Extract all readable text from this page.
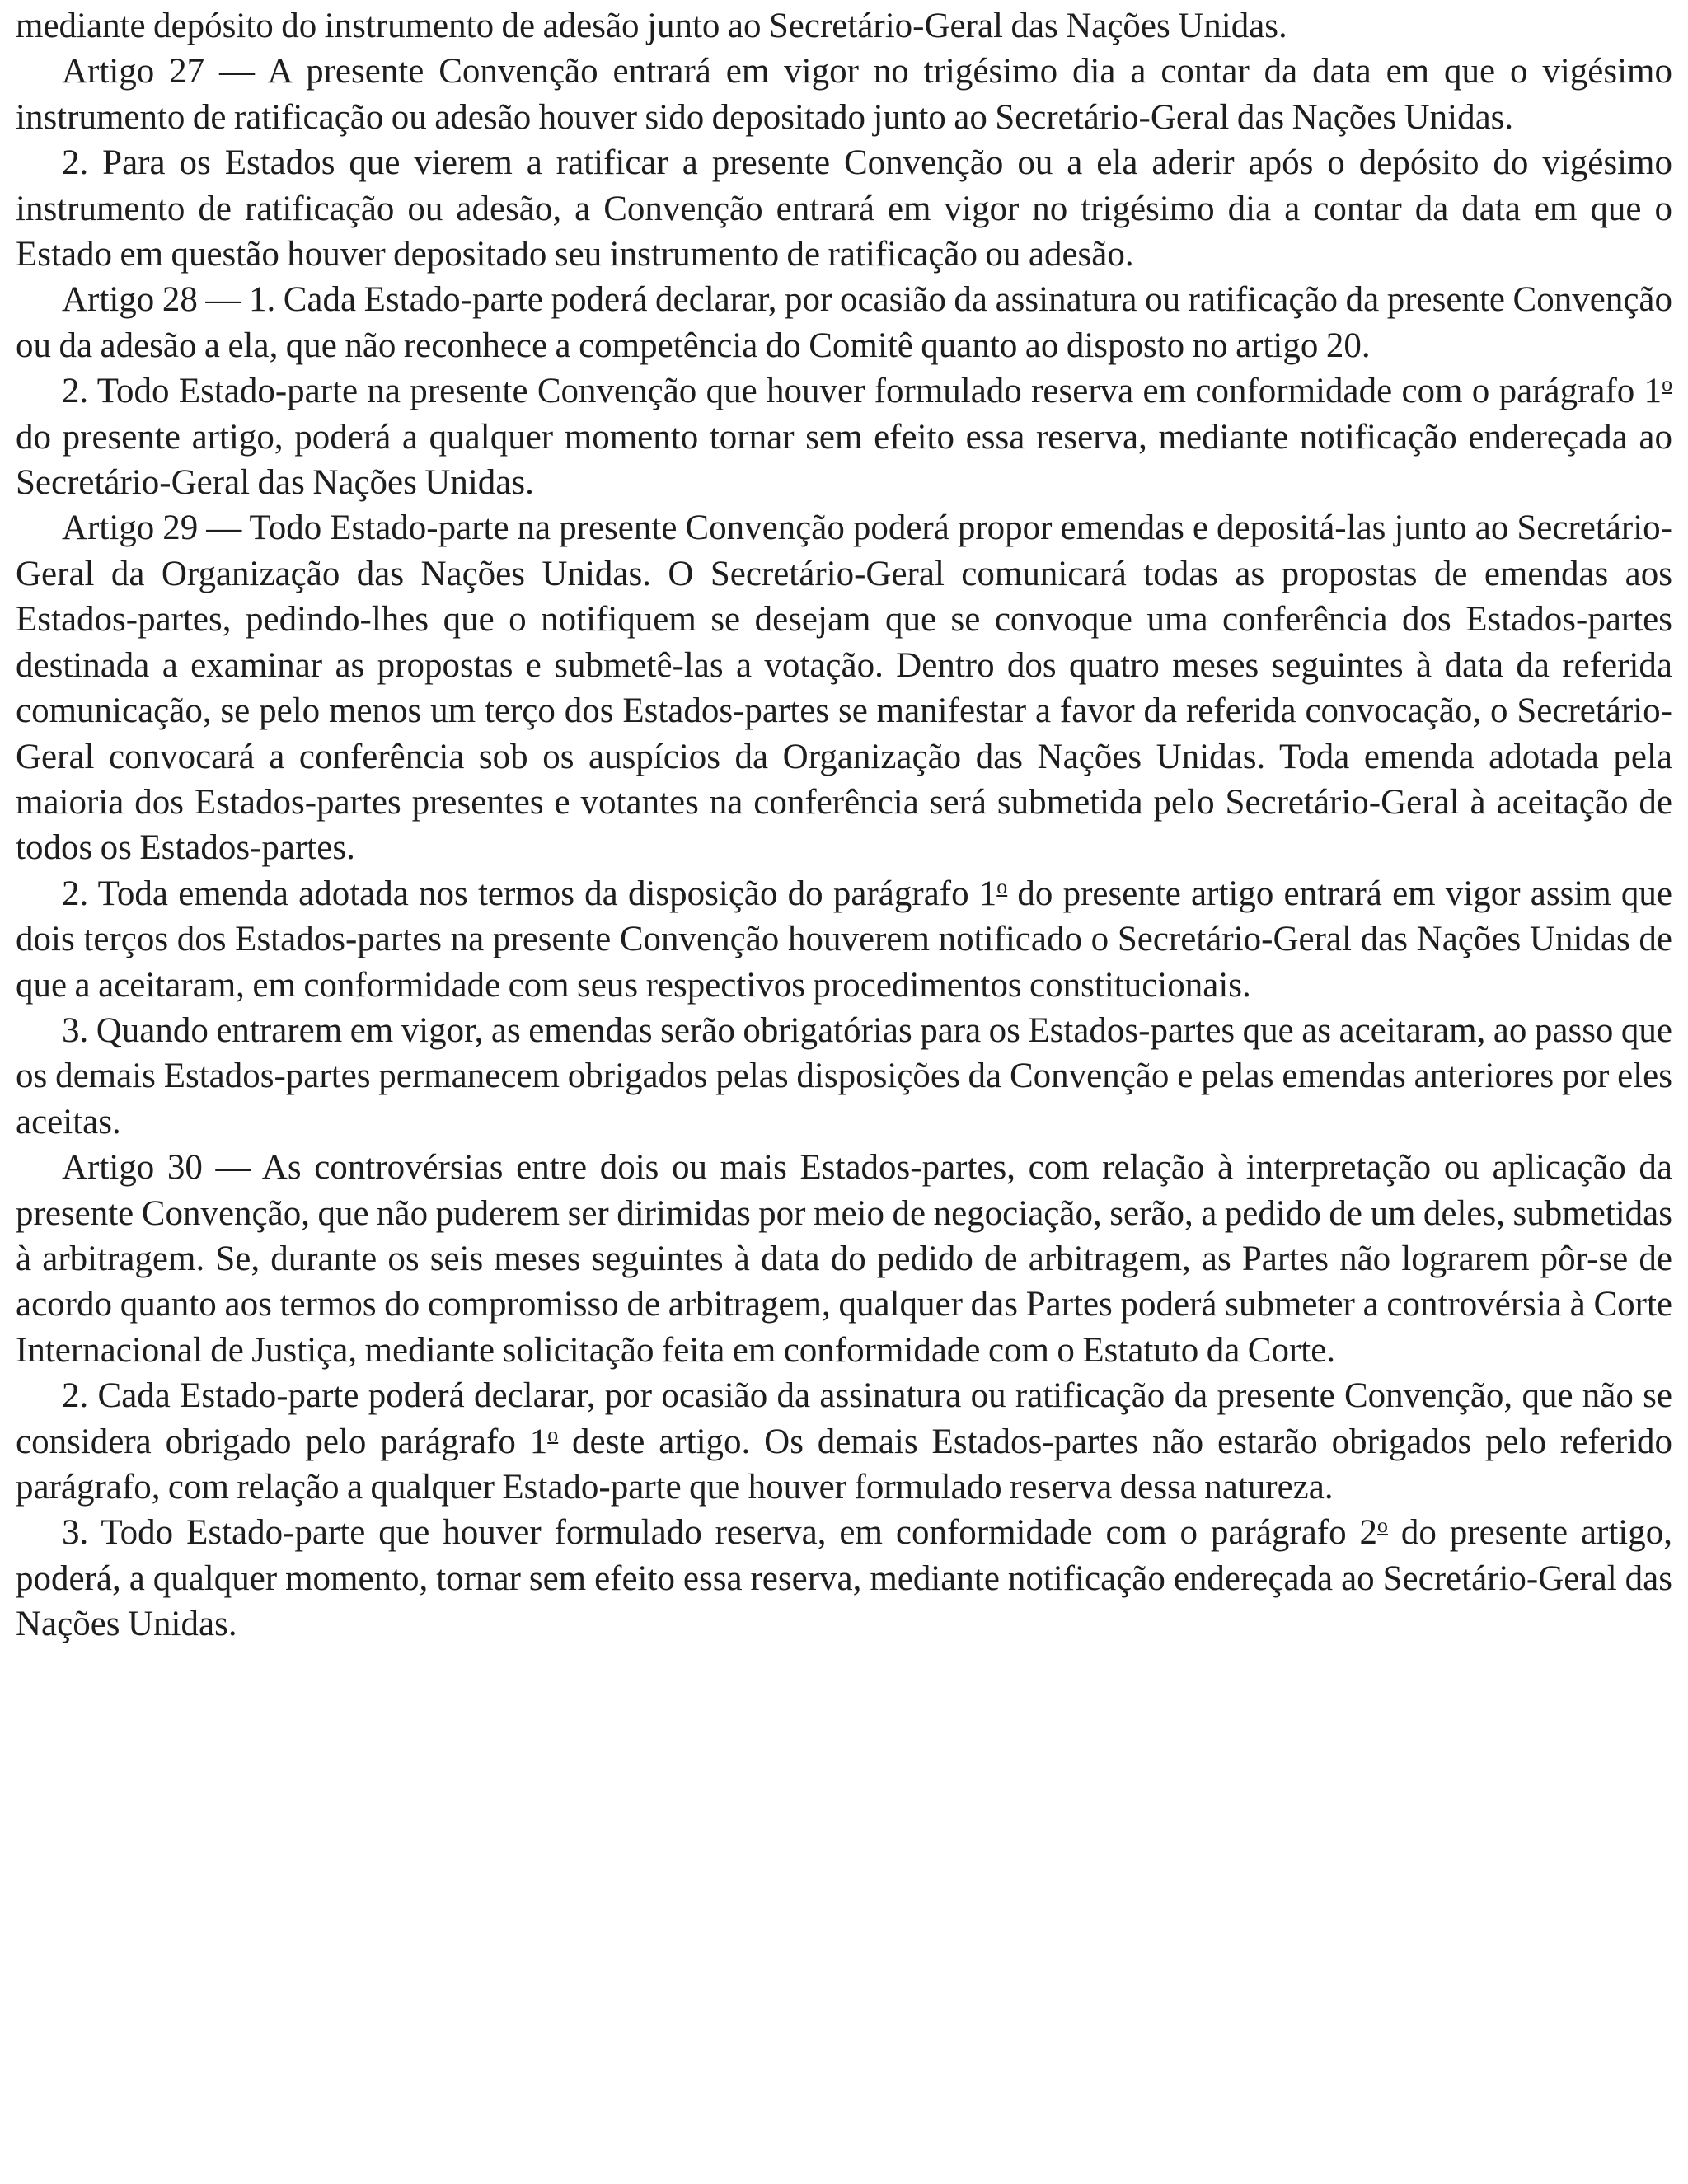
mediante depósito do instrumento de adesão junto ao Secretário-Geral das Nações Unidas.

Artigo 27 — A presente Convenção entrará em vigor no trigésimo dia a contar da data em que o vigésimo instrumento de ratificação ou adesão houver sido depositado junto ao Secretário-Geral das Nações Unidas.

2. Para os Estados que vierem a ratificar a presente Convenção ou a ela aderir após o depósito do vigésimo instrumento de ratificação ou adesão, a Convenção entrará em vigor no trigésimo dia a contar da data em que o Estado em questão houver depositado seu instrumento de ratificação ou adesão.

Artigo 28 — 1. Cada Estado-parte poderá declarar, por ocasião da assinatura ou ratificação da presente Convenção ou da adesão a ela, que não reconhece a competência do Comitê quanto ao disposto no artigo 20.

2. Todo Estado-parte na presente Convenção que houver formulado reserva em conformidade com o parágrafo 1$^o$ do presente artigo, poderá a qualquer momento tornar sem efeito essa reserva, mediante notificação endereçada ao Secretário-Geral das Nações Unidas.

Artigo 29 — Todo Estado-parte na presente Convenção poderá propor emendas e depositá-las junto ao Secretário-Geral da Organização das Nações Unidas. O Secretário-Geral comunicará todas as propostas de emendas aos Estados-partes, pedindo-lhes que o notifiquem se desejam que se convoque uma conferência dos Estados-partes destinada a examinar as propostas e submetê-las a votação. Dentro dos quatro meses seguintes à data da referida comunicação, se pelo menos um terço dos Estados-partes se manifestar a favor da referida convocação, o Secretário-Geral convocará a conferência sob os auspícios da Organização das Nações Unidas. Toda emenda adotada pela maioria dos Estados-partes presentes e votantes na conferência será submetida pelo Secretário-Geral à aceitação de todos os Estados-partes.

2. Toda emenda adotada nos termos da disposição do parágrafo 1$^o$ do presente artigo entrará em vigor assim que dois terços dos Estados-partes na presente Convenção houverem notificado o Secretário-Geral das Nações Unidas de que a aceitaram, em conformidade com seus respectivos procedimentos constitucionais.

3. Quando entrarem em vigor, as emendas serão obrigatórias para os Estados-partes que as aceitaram, ao passo que os demais Estados-partes permanecem obrigados pelas disposições da Convenção e pelas emendas anteriores por eles aceitas.

Artigo 30 — As controvérsias entre dois ou mais Estados-partes, com relação à interpretação ou aplicação da presente Convenção, que não puderem ser dirimidas por meio de negociação, serão, a pedido de um deles, submetidas à arbitragem. Se, durante os seis meses seguintes à data do pedido de arbitragem, as Partes não lograrem pôr-se de acordo quanto aos termos do compromisso de arbitragem, qualquer das Partes poderá submeter a controvérsia à Corte Internacional de Justiça, mediante solicitação feita em conformidade com o Estatuto da Corte.

2. Cada Estado-parte poderá declarar, por ocasião da assinatura ou ratificação da presente Convenção, que não se considera obrigado pelo parágrafo 1$^o$ deste artigo. Os demais Estados-partes não estarão obrigados pelo referido parágrafo, com relação a qualquer Estado-parte que houver formulado reserva dessa natureza.

3. Todo Estado-parte que houver formulado reserva, em conformidade com o parágrafo 2$^o$ do presente artigo, poderá, a qualquer momento, tornar sem efeito essa reserva, mediante notificação endereçada ao Secretário-Geral das Nações Unidas.
